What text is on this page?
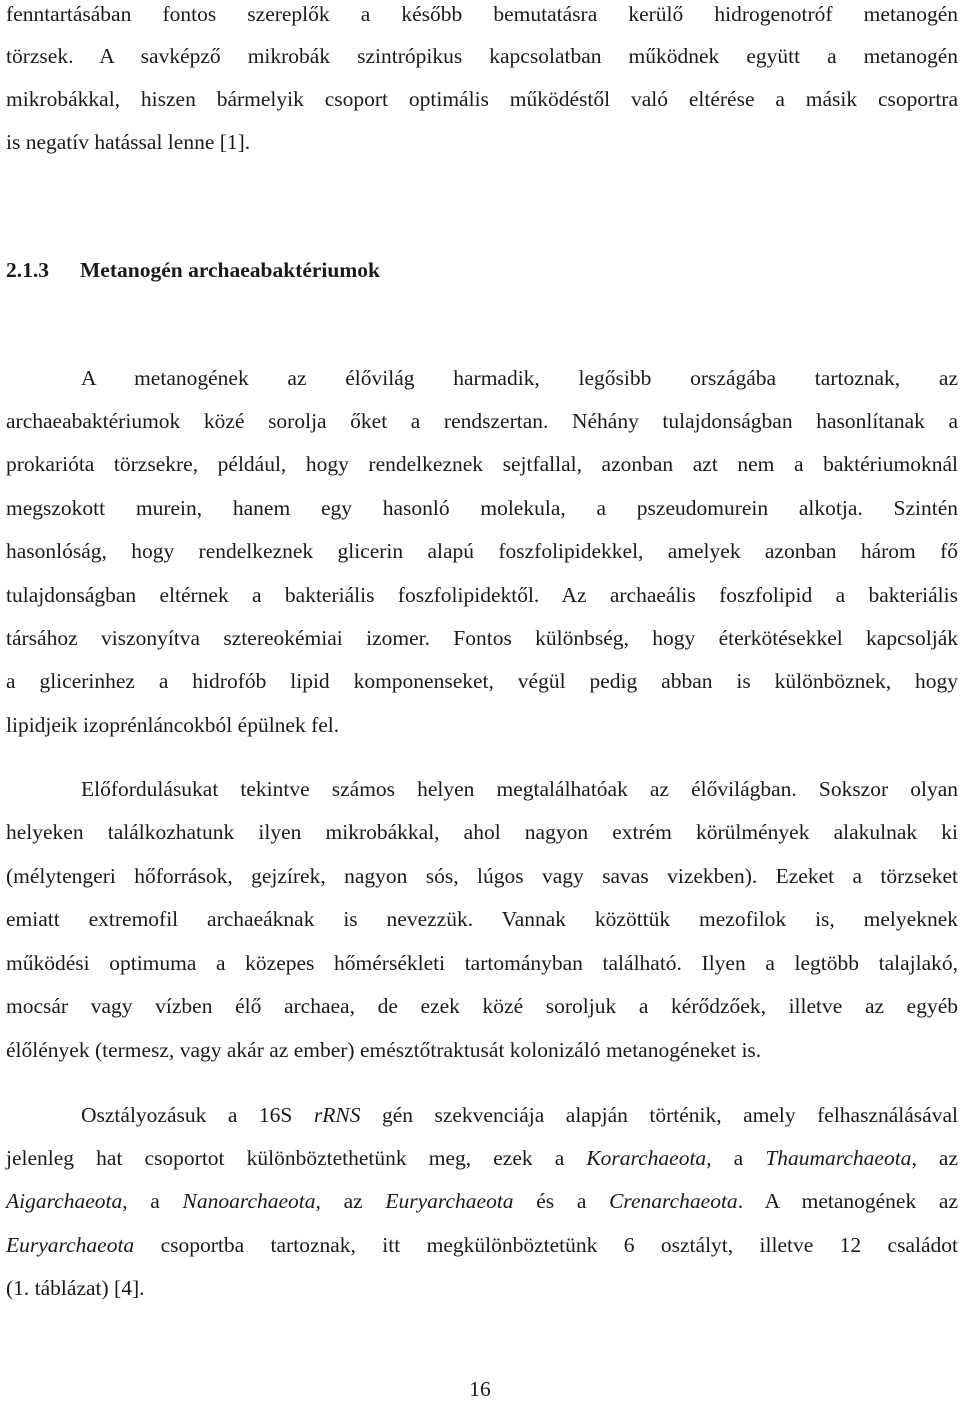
fenntartásában fontos szereplők a később bemutatásra kerülő hidrogenotróf metanogén
törzsek. A savképző mikrobák szintrópikus kapcsolatban működnek együtt a metanogén
mikrobákkal, hiszen bármelyik csoport optimális működéstől való eltérése a másik csoportra
is negatív hatással lenne [1].
2.1.3 Metanogén archaeabaktériumok
A metanogének az élővilág harmadik, legősibb országába tartoznak, az
archaeabaktériumok közé sorolja őket a rendszertan. Néhány tulajdonságban hasonlítanak a
prokarióta törzsekre, például, hogy rendelkeznek sejtfallal, azonban azt nem a baktériumoknál
megszokott murein, hanem egy hasonló molekula, a pszeudomurein alkotja. Szintén
hasonlóság, hogy rendelkeznek glicerin alapú foszfolipidekkel, amelyek azonban három fő
tulajdonságban eltérnek a bakteriális foszfolipidektől. Az archaeális foszfolipid a bakteriális
társához viszonyítva sztereokémiai izomer. Fontos különbség, hogy éterkötésekkel kapcsolják
a glicerinhez a hidrofób lipid komponenseket, végül pedig abban is különböznek, hogy
lipidjeik izoprénláncokból épülnek fel.
Előfordulásukat tekintve számos helyen megtalálhatóak az élővilágban. Sokszor olyan
helyeken találkozhatunk ilyen mikrobákkal, ahol nagyon extrém körülmények alakulnak ki
(mélytengeri hőforrások, gejzírek, nagyon sós, lúgos vagy savas vizekben). Ezeket a törzseket
emiatt extremofil archaeáknak is nevezzük. Vannak közöttük mezofilok is, melyeknek
működési optimuma a közepes hőmérsékleti tartományban található. Ilyen a legtöbb talajlakó,
mocsár vagy vízben élő archaea, de ezek közé soroljuk a kérődzőek, illetve az egyéb
élőlények (termesz, vagy akár az ember) emésztőtraktusát kolonizáló metanogéneket is.
Osztályozásuk a 16S rRNS gén szekvenciája alapján történik, amely felhasználásával
jelenleg hat csoportot különböztethetünk meg, ezek a Korarchaeota, a Thaumarchaeota, az
Aigarchaeota, a Nanoarchaeota, az Euryarchaeota és a Crenarchaeota. A metanogének az
Euryarchaeota csoportba tartoznak, itt megkülönböztetünk 6 osztályt, illetve 12 családot
(1. táblázat) [4].
16
